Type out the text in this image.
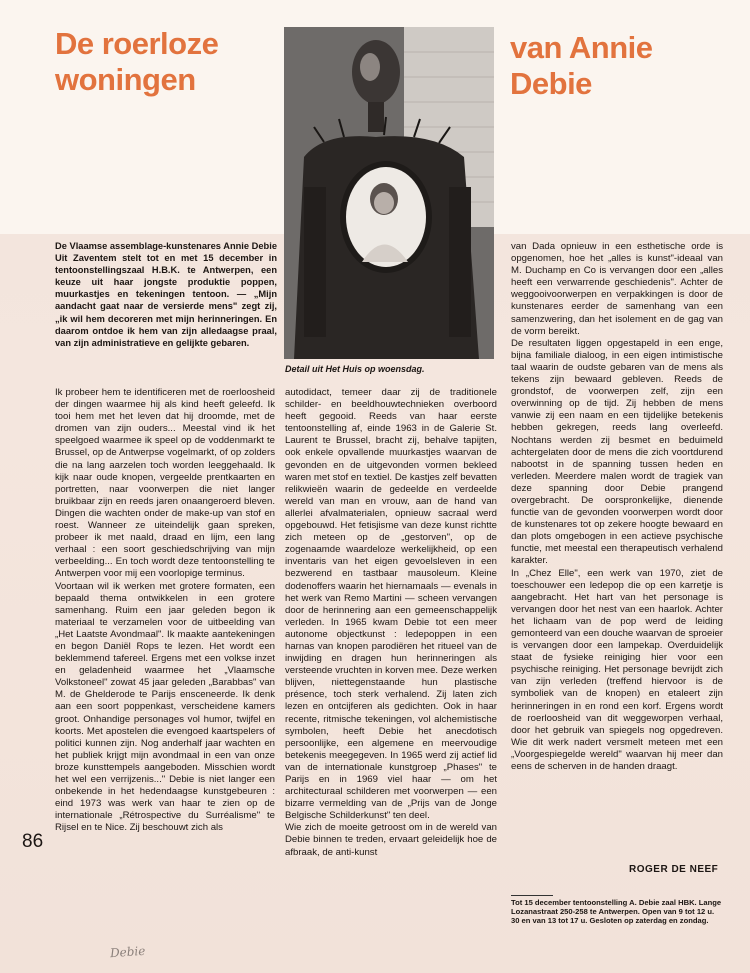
De roerloze woningen
van Annie Debie
Detail uit Het Huis op woensdag.
De Vlaamse assemblage-kunstenares Annie Debie Uit Zaventem stelt tot en met 15 december in tentoonstellingszaal H.B.K. te Antwerpen, een keuze uit haar jongste produktie poppen, muurkastjes en tekeningen tentoon. — „Mijn aandacht gaat naar de versierde mens" zegt zij, „ik wil hem decoreren met mijn herinneringen. En daarom ontdoe ik hem van zijn alledaagse praal, van zijn administratieve en gelijkte gebaren.

Ik probeer hem te identificeren met de roerloosheid der dingen waarmee hij als kind heeft geleefd. Ik tooi hem met het leven dat hij droomde, met de dromen van zijn ouders... Meestal vind ik het speelgoed waarmee ik speel op de voddenmarkt te Brussel, op de Antwerpse vogelmarkt, of op zolders die na lang aarzelen toch worden leeggehaald. Ik kijk naar oude knopen, vergeelde prentkaarten en portretten, naar voorwerpen die niet langer bruikbaar zijn en reeds jaren onaangeroerd bleven. Dingen die wachten onder de make-up van stof en roest. Wanneer ze uiteindelijk gaan spreken, probeer ik met naald, draad en lijm, een lang verhaal : een soort geschiedschrijving van mijn verbeelding... En toch wordt deze tentoonstelling te Antwerpen voor mij een voorlopige terminus.

Voortaan wil ik werken met grotere formaten, een bepaald thema ontwikkelen in een grotere samenhang. Ruim een jaar geleden begon ik materiaal te verzamelen voor de uitbeelding van „Het Laatste Avondmaal". Ik maakte aantekeningen en begon Daniël Rops te lezen. Het wordt een beklemmend tafereel. Ergens met een volkse inzet en geladenheid waarmee het „Vlaamsche Volkstoneel" zowat 45 jaar geleden „Barabbas" van M. de Ghelderode te Parijs ensceneerde. Ik denk aan een soort poppenkast, verscheidene kamers groot. Onhandige personages vol humor, twijfel en koorts. Met apostelen die evengoed kaartspelers of politici kunnen zijn. Nog anderhalf jaar wachten en het publiek krijgt mijn avondmaal in een van onze broze kunsttempels aangeboden. Misschien wordt het wel een verrijzenis..." Debie is niet langer een onbekende in het hedendaagse kunstgebeuren : eind 1973 was werk van haar te zien op de internationale „Rétrospective du Surréalisme" te Rijsel en te Nice. Zij beschouwt zich als

autodidact, temeer daar zij de traditionele schilder- en beeldhouwtechnieken overboord heeft gegooid. Reeds van haar eerste tentoonstelling af, einde 1963 in de Galerie St. Laurent te Brussel, bracht zij, behalve tapijten, ook enkele opvallende muurkastjes waarvan de gevonden en de uitgevonden vormen bekleed waren met stof en textiel. De kastjes zelf bevatten relikwieën waarin de gedeelde en verdeelde wereld van man en vrouw, aan de hand van allerlei afvalmaterialen, opnieuw sacraal werd opgebouwd. Het fetisjisme van deze kunst richtte zich meteen op de „gestorven", op de zogenaamde waardeloze werkelijkheid, op een inventaris van het eigen gevoelsleven in een bezwerend en tastbaar mausoleum. Kleine dodenoffers waarin het hiernamaals — evenals in het werk van Remo Martini — scheen vervangen door de herinnering aan een gemeenschappelijk verleden. In 1965 kwam Debie tot een meer autonome objectkunst : ledepoppen in een harnas van knopen parodiëren het ritueel van de inwijding en dragen hun herinneringen als versteende vruchten in korven mee. Deze werken blijven, niettegenstaande hun plastische présence, toch sterk verhalend. Zij laten zich lezen en ontcijferen als gedichten. Ook in haar recente, ritmische tekeningen, vol alchemistische symbolen, heeft Debie het anecdotisch persoonlijke, een algemene en meervoudige betekenis meegegeven. In 1965 werd zij actief lid van de internationale kunstgroep „Phases" te Parijs en in 1969 viel haar — om het architecturaal schilderen met voorwerpen — een bizarre vermelding van de „Prijs van de Jonge Belgische Schilderkunst" ten deel.

Wie zich de moeite getroost om in de wereld van Debie binnen te treden, ervaart geleidelijk hoe de afbraak, de anti-kunst

van Dada opnieuw in een esthetische orde is opgenomen, hoe het „alles is kunst"-ideaal van M. Duchamp en Co is vervangen door een „alles heeft een verwarrende geschiedenis". Achter de weggooivoorwerpen en verpakkingen is door de kunstenares eerder de samenhang van een samenzwering, dan het isolement en de gag van de vorm bereikt.

De resultaten liggen opgestapeld in een enge, bijna familiale dialoog, in een eigen intimistische taal waarin de oudste gebaren van de mens als tekens zijn bewaard gebleven. Reeds de grondstof, de voorwerpen zelf, zijn een overwinning op de tijd. Zij hebben de mens vanwie zij een naam en een tijdelijke betekenis hebben gekregen, reeds lang overleefd. Nochtans werden zij besmet en beduimeld achtergelaten door de mens die zich voortdurend nabootst in de spanning tussen heden en verleden. Meerdere malen wordt de tragiek van deze spanning door Debie prangend overgebracht. De oorspronkelijke, dienende functie van de gevonden voorwerpen wordt door de kunstenares tot op zekere hoogte bewaard en dan plots omgebogen in een actieve psychische functie, met meestal een therapeutisch verhalend karakter.

In „Chez Elle", een werk van 1970, ziet de toeschouwer een ledepop die op een karretje is aangebracht. Het hart van het personage is vervangen door het nest van een haarlok. Achter het lichaam van de pop werd de leiding gemonteerd van een douche waarvan de sproeier is vervangen door een lampekap. Overduidelijk staat de fysieke reiniging hier voor een psychische reiniging. Het personage bevrijdt zich van zijn verleden (treffend hiervoor is de symboliek van de knopen) en etaleert zijn herinneringen in en rond een korf. Ergens wordt de roerloosheid van dit weggeworpen verhaal, door het gebruik van spiegels nog opgedreven. Wie dit werk nadert versmelt meteen met een „Voorgespiegelde wereld" waarvan hij meer dan eens de scherven in de handen draagt.

86
ROGER DE NEEF
Tot 15 december tentoonstelling A. Debie zaal HBK. Lange Lozanastraat 250-258 te Antwerpen. Open van 9 tot 12 u. 30 en van 13 tot 17 u. Gesloten op zaterdag en zondag.
Debie
